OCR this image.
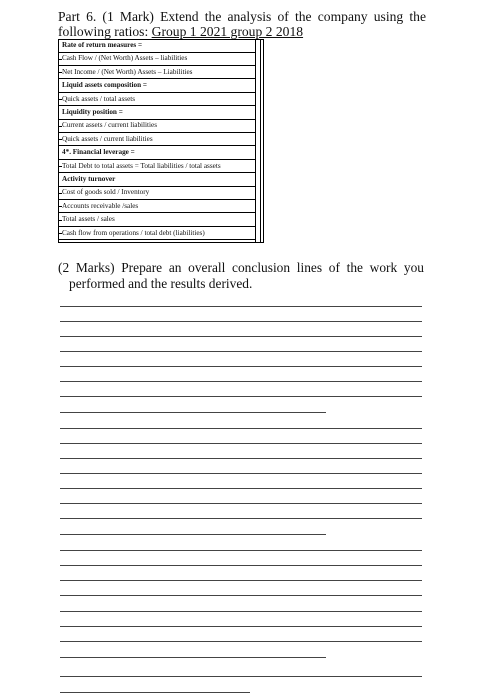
Part 6. (1 Mark) Extend the analysis of the company using the
following ratios: Group 1 2021 group 2 2018
Rate of return measures =
Cash Flow / (Net Worth) Assets – liabilities
Net Income / (Net Worth) Assets – Liabilities
Liquid assets composition =
Quick assets / total assets
Liquidity position =
Current assets / current liabilities
Quick assets / current liabilities
4*. Financial leverage =
Total Debt to total assets = Total liabilities / total assets
Activity turnover
Cost of goods sold / Inventory
Accounts receivable /sales
Total assets / sales
Cash flow from operations / total debt (liabilities)
(2 Marks) Prepare an overall conclusion lines of the work you
performed and the results derived.
